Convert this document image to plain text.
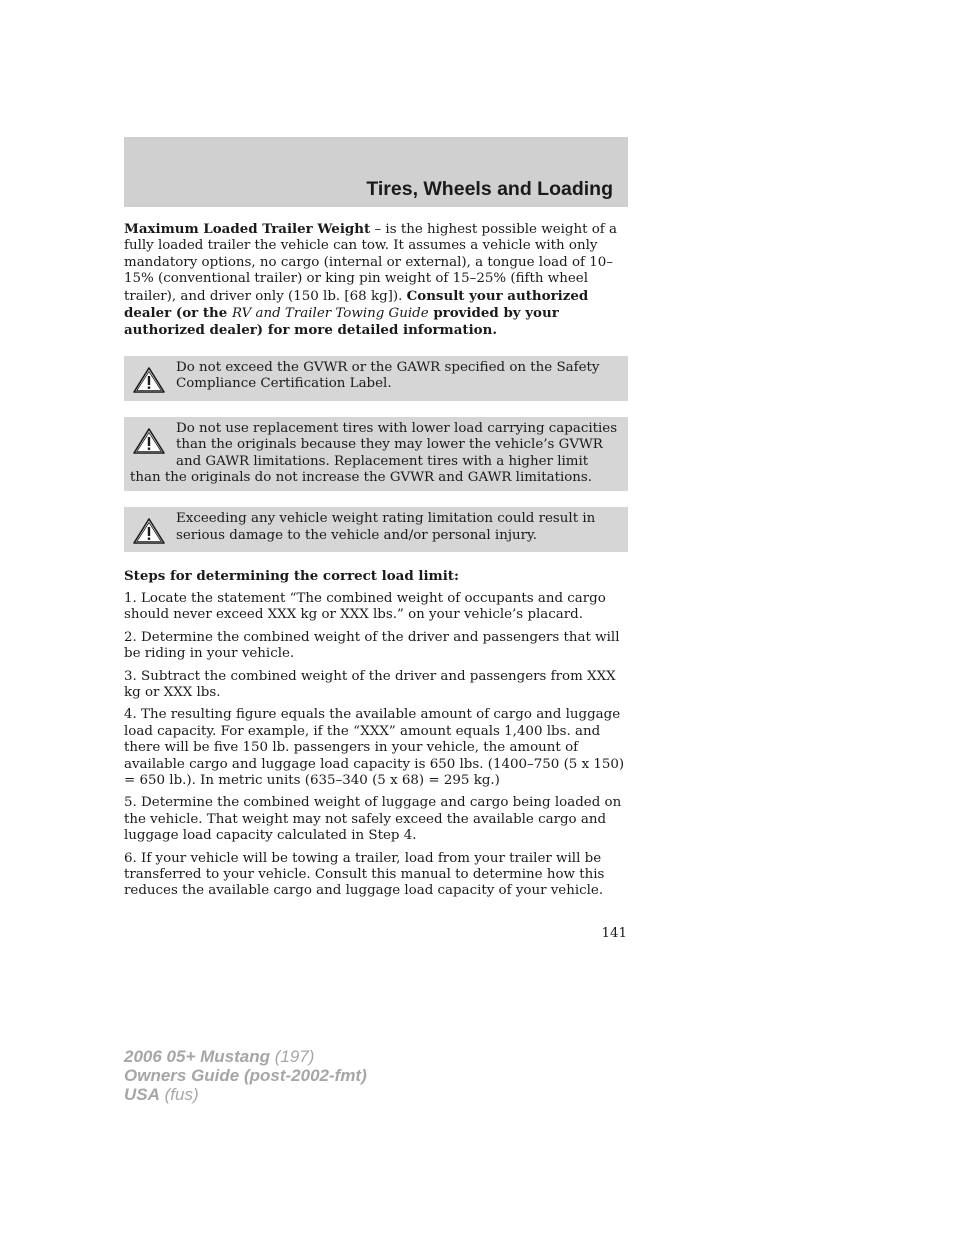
Tires, Wheels and Loading

Maximum Loaded Trailer Weight – is the highest possible weight of a fully loaded trailer the vehicle can tow. It assumes a vehicle with only mandatory options, no cargo (internal or external), a tongue load of 10–15% (conventional trailer) or king pin weight of 15–25% (fifth wheel trailer), and driver only (150 lb. [68 kg]). Consult your authorized dealer (or the RV and Trailer Towing Guide provided by your authorized dealer) for more detailed information.

Do not exceed the GVWR or the GAWR specified on the Safety Compliance Certification Label.

Do not use replacement tires with lower load carrying capacities than the originals because they may lower the vehicle’s GVWR and GAWR limitations. Replacement tires with a higher limit than the originals do not increase the GVWR and GAWR limitations.

Exceeding any vehicle weight rating limitation could result in serious damage to the vehicle and/or personal injury.

Steps for determining the correct load limit:

1. Locate the statement “The combined weight of occupants and cargo should never exceed XXX kg or XXX lbs.” on your vehicle’s placard.

2. Determine the combined weight of the driver and passengers that will be riding in your vehicle.

3. Subtract the combined weight of the driver and passengers from XXX kg or XXX lbs.

4. The resulting figure equals the available amount of cargo and luggage load capacity. For example, if the “XXX” amount equals 1,400 lbs. and there will be five 150 lb. passengers in your vehicle, the amount of available cargo and luggage load capacity is 650 lbs. (1400–750 (5 x 150) = 650 lb.). In metric units (635–340 (5 x 68) = 295 kg.)

5. Determine the combined weight of luggage and cargo being loaded on the vehicle. That weight may not safely exceed the available cargo and luggage load capacity calculated in Step 4.

6. If your vehicle will be towing a trailer, load from your trailer will be transferred to your vehicle. Consult this manual to determine how this reduces the available cargo and luggage load capacity of your vehicle.

141
2006 05+ Mustang (197)
Owners Guide (post-2002-fmt)
USA (fus)
